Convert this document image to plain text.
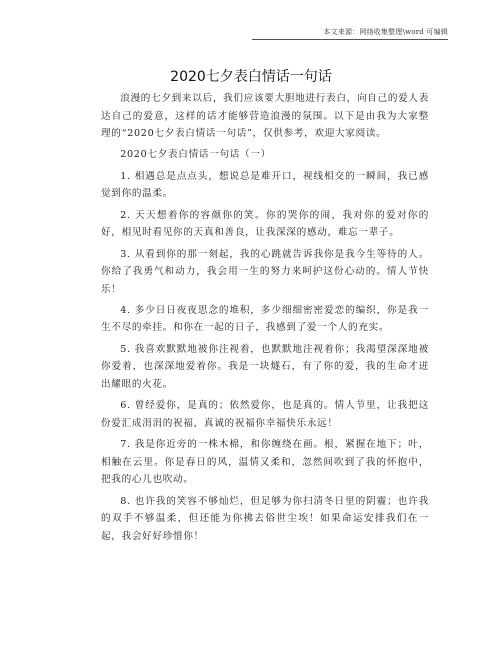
本文来源：网络收集整理\word 可编辑
2020七夕表白情话一句话

浪漫的七夕到来以后，我们应该要大胆地进行表白，向自己的爱人表达自己的爱意，这样的话才能够营造浪漫的氛围。以下是由我为大家整理的“2020七夕表白情话一句话”，仅供参考，欢迎大家阅读。

2020七夕表白情话一句话（一）

1. 相遇总是点点头，想说总是难开口，视线相交的一瞬间，我已感觉到你的温柔。

2. 天天想着你的容颜你的笑。你的哭你的闹，我对你的爱对你的好，相见时看见你的天真和善良，让我深深的感动，难忘一辈子。

3. 从看到你的那一刻起，我的心跳就告诉我你是我今生等待的人。你给了我勇气和动力，我会用一生的努力来呵护这份心动的。情人节快乐！

4. 多少日日夜夜思念的堆积，多少细细密密爱恋的编织，你是我一生不尽的牵挂。和你在一起的日子，我感到了爱一个人的充实。

5. 我喜欢默默地被你注视着，也默默地注视着你；我渴望深深地被你爱着，也深深地爱着你。我是一块燧石，有了你的爱，我的生命才迸出耀眼的火花。

6. 曾经爱你，是真的；依然爱你，也是真的。情人节里，让我把这份爱汇成涓涓的祝福，真诚的祝福你幸福快乐永远！

7. 我是你近旁的一株木棉，和你缠绕在画。根，紧握在地下；叶，相触在云里。你是春日的风，温情又柔和，忽然间吹到了我的怀抱中，把我的心儿也吹动。

8. 也许我的笑容不够灿烂，但足够为你扫清冬日里的阴霾；也许我的双手不够温柔，但还能为你拂去俗世尘埃！如果命运安排我们在一起，我会好好珍惜你！
